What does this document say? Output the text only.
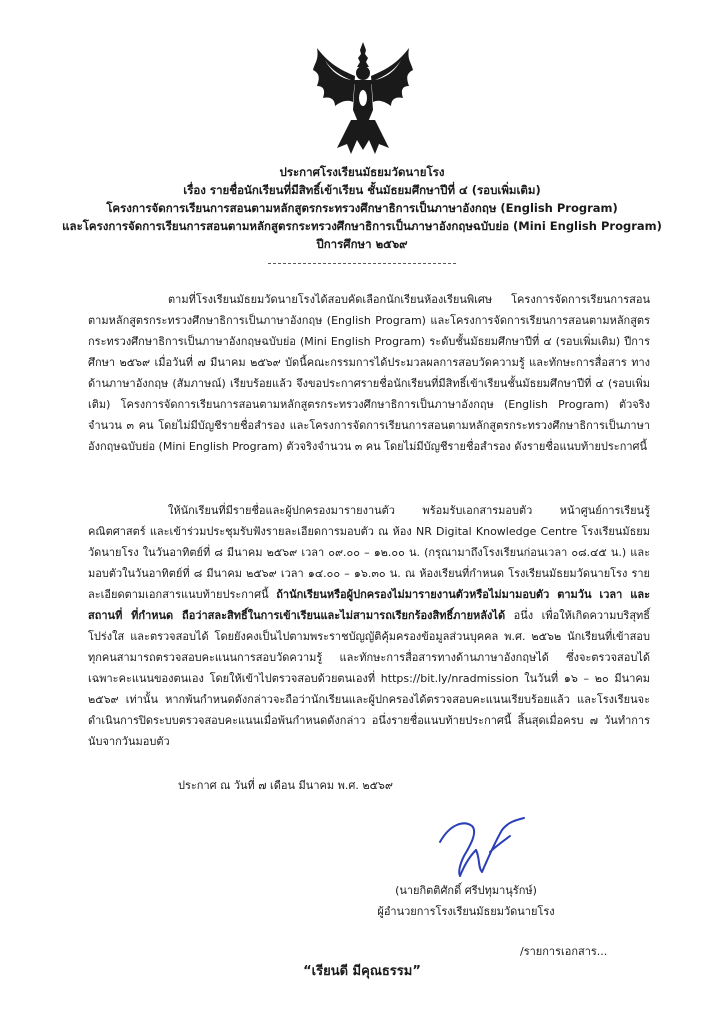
ประกาศโรงเรียนมัธยมวัดนายโรง
เรื่อง รายชื่อนักเรียนที่มีสิทธิ์เข้าเรียน ชั้นมัธยมศึกษาปีที่ ๔ (รอบเพิ่มเติม)
โครงการจัดการเรียนการสอนตามหลักสูตรกระทรวงศึกษาธิการเป็นภาษาอังกฤษ (English Program)
และโครงการจัดการเรียนการสอนตามหลักสูตรกระทรวงศึกษาธิการเป็นภาษาอังกฤษฉบับย่อ (Mini English Program)
ปีการศึกษา ๒๕๖๙
ตามที่โรงเรียนมัธยมวัดนายโรงได้สอบคัดเลือกนักเรียนห้องเรียนพิเศษ โครงการจัดการเรียนการสอนตามหลักสูตรกระทรวงศึกษาธิการเป็นภาษาอังกฤษ (English Program) และโครงการจัดการเรียนการสอนตามหลักสูตรกระทรวงศึกษาธิการเป็นภาษาอังกฤษฉบับย่อ (Mini English Program) ระดับชั้นมัธยมศึกษาปีที่ ๔ (รอบเพิ่มเติม) ปีการศึกษา ๒๕๖๙ เมื่อวันที่ ๗ มีนาคม ๒๕๖๙ บัดนี้คณะกรรมการได้ประมวลผลการสอบวัดความรู้ และทักษะการสื่อสาร ทางด้านภาษาอังกฤษ (สัมภาษณ์) เรียบร้อยแล้ว จึงขอประกาศรายชื่อนักเรียนที่มีสิทธิ์เข้าเรียนชั้นมัธยมศึกษาปีที่ ๔ (รอบเพิ่มเติม) โครงการจัดการเรียนการสอนตามหลักสูตรกระทรวงศึกษาธิการเป็นภาษาอังกฤษ (English Program) ตัวจริงจำนวน ๓ คน โดยไม่มีบัญชีรายชื่อสำรอง และโครงการจัดการเรียนการสอนตามหลักสูตรกระทรวงศึกษาธิการเป็นภาษาอังกฤษฉบับย่อ (Mini English Program) ตัวจริงจำนวน ๓ คน โดยไม่มีบัญชีรายชื่อสำรอง ดังรายชื่อแนบท้ายประกาศนี้
ให้นักเรียนที่มีรายชื่อและผู้ปกครองมารายงานตัว พร้อมรับเอกสารมอบตัว หน้าศูนย์การเรียนรู้คณิตศาสตร์ และเข้าร่วมประชุมรับฟังรายละเอียดการมอบตัว ณ ห้อง NR Digital Knowledge Centre โรงเรียนมัธยมวัดนายโรง ในวันอาทิตย์ที่ ๘ มีนาคม ๒๕๖๙ เวลา ๐๙.๐๐ – ๑๒.๐๐ น. (กรุณามาถึงโรงเรียนก่อนเวลา ๐๘.๔๕ น.) และมอบตัวในวันอาทิตย์ที่ ๘ มีนาคม ๒๕๖๙ เวลา ๑๔.๐๐ – ๑๖.๓๐ น. ณ ห้องเรียนที่กำหนด โรงเรียนมัธยมวัดนายโรง รายละเอียดตามเอกสารแนบท้ายประกาศนี้ ถ้านักเรียนหรือผู้ปกครองไม่มารายงานตัวหรือไม่มามอบตัว ตามวัน เวลา และสถานที่ ที่กำหนด ถือว่าสละสิทธิ์ในการเข้าเรียนและไม่สามารถเรียกร้องสิทธิ์ภายหลังได้ อนึ่ง เพื่อให้เกิดความบริสุทธิ์ โปร่งใส และตรวจสอบได้ โดยยังคงเป็นไปตามพระราชบัญญัติคุ้มครองข้อมูลส่วนบุคคล พ.ศ. ๒๕๖๒ นักเรียนที่เข้าสอบทุกคนสามารถตรวจสอบคะแนนการสอบวัดความรู้ และทักษะการสื่อสารทางด้านภาษาอังกฤษได้ ซึ่งจะตรวจสอบได้เฉพาะคะแนนของตนเอง โดยให้เข้าไปตรวจสอบด้วยตนเองที่ https://bit.ly/nradmission ในวันที่ ๑๖ – ๒๐ มีนาคม ๒๕๖๙ เท่านั้น หากพ้นกำหนดดังกล่าวจะถือว่านักเรียนและผู้ปกครองได้ตรวจสอบคะแนนเรียบร้อยแล้ว และโรงเรียนจะดำเนินการปิดระบบตรวจสอบคะแนนเมื่อพ้นกำหนดดังกล่าว อนึ่งรายชื่อแนบท้ายประกาศนี้ สิ้นสุดเมื่อครบ ๗ วันทำการ นับจากวันมอบตัว
ประกาศ ณ วันที่ ๗ เดือน มีนาคม พ.ศ. ๒๕๖๙
(นายกิตติศักดิ์ ศรีปทุมานุรักษ์)
ผู้อำนวยการโรงเรียนมัธยมวัดนายโรง
/รายการเอกสาร...
“เรียนดี มีคุณธรรม”
